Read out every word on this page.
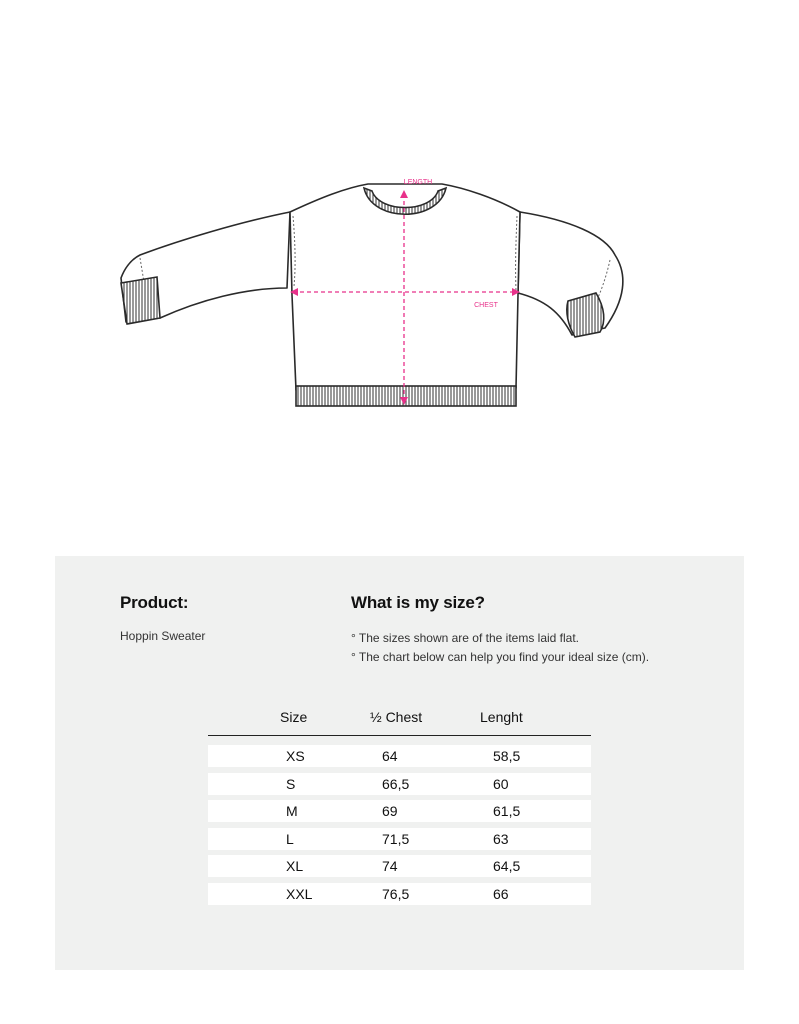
LENGTH
CHEST
Product:	What is my size?
Hoppin Sweater	° The sizes shown are of the items laid flat.
° The chart below can help you find your ideal size (cm).
Size	½ Chest	Lenght
XS	64	58,5
S	66,5	60
M	69	61,5
L	71,5	63
XL	74	64,5
XXL	76,5	66
